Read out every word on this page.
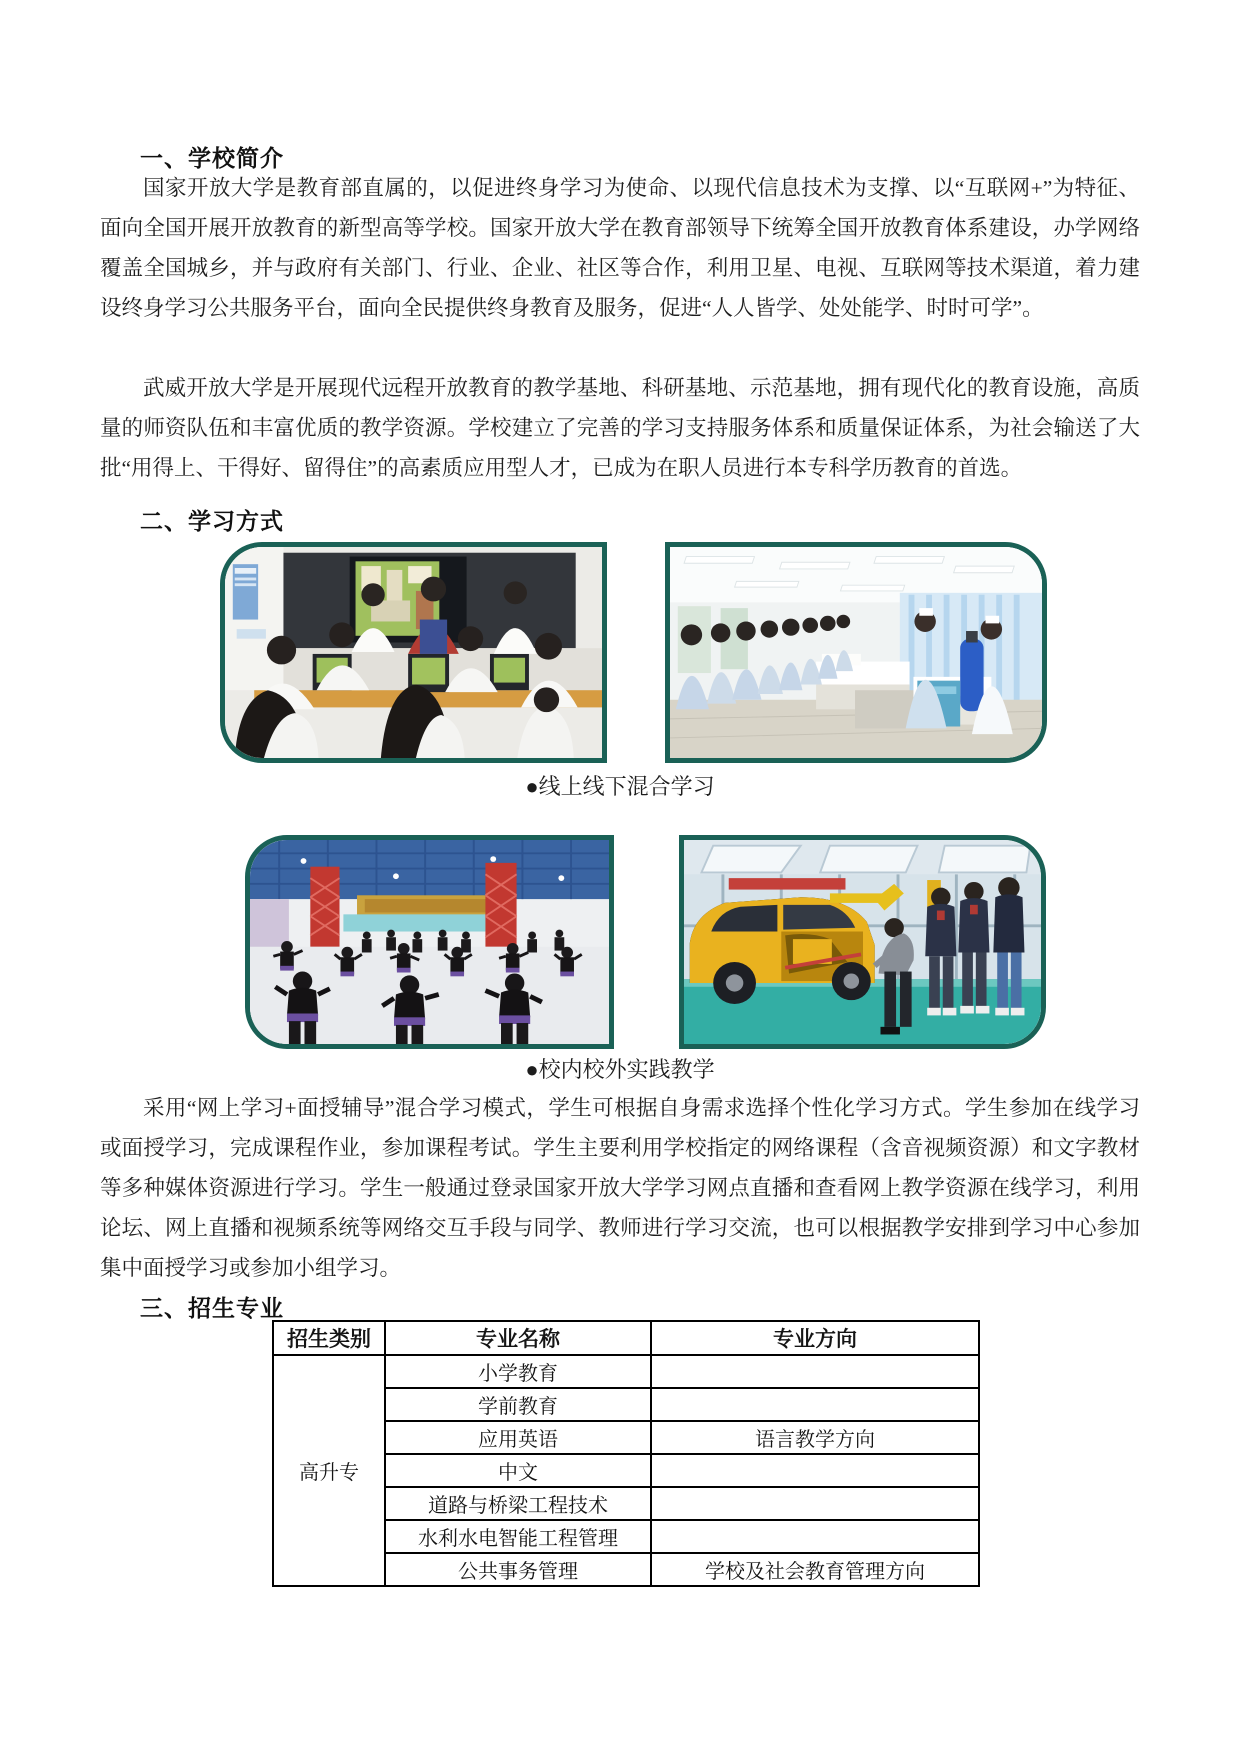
一、学校简介
国家开放大学是教育部直属的，以促进终身学习为使命、以现代信息技术为支撑、以“互联网+”为特征、面向全国开展开放教育的新型高等学校。国家开放大学在教育部领导下统筹全国开放教育体系建设，办学网络覆盖全国城乡，并与政府有关部门、行业、企业、社区等合作，利用卫星、电视、互联网等技术渠道，着力建设终身学习公共服务平台，面向全民提供终身教育及服务，促进“人人皆学、处处能学、时时可学”。
武威开放大学是开展现代远程开放教育的教学基地、科研基地、示范基地，拥有现代化的教育设施，高质量的师资队伍和丰富优质的教学资源。学校建立了完善的学习支持服务体系和质量保证体系，为社会输送了大批“用得上、干得好、留得住”的高素质应用型人才，已成为在职人员进行本专科学历教育的首选。
二、学习方式
●线上线下混合学习
●校内校外实践教学
采用“网上学习+面授辅导”混合学习模式，学生可根据自身需求选择个性化学习方式。学生参加在线学习或面授学习，完成课程作业，参加课程考试。学生主要利用学校指定的网络课程（含音视频资源）和文字教材等多种媒体资源进行学习。学生一般通过登录国家开放大学学习网点直播和查看网上教学资源在线学习，利用论坛、网上直播和视频系统等网络交互手段与同学、教师进行学习交流，也可以根据教学安排到学习中心参加集中面授学习或参加小组学习。
三、招生专业
招生类别	专业名称	专业方向
高升专	小学教育	
	学前教育	
	应用英语	语言教学方向
	中文	
	道路与桥梁工程技术	
	水利水电智能工程管理	
	公共事务管理	学校及社会教育管理方向
